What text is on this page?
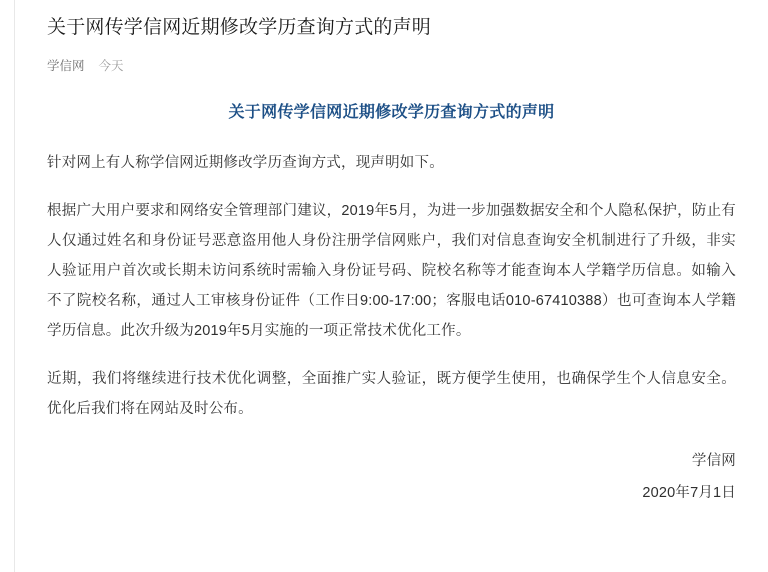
关于网传学信网近期修改学历查询方式的声明
学信网 今天
关于网传学信网近期修改学历查询方式的声明

针对网上有人称学信网近期修改学历查询方式，现声明如下。

根据广大用户要求和网络安全管理部门建议，2019年5月，为进一步加强数据安全和个人隐私保护，防止有人仅通过姓名和身份证号恶意盗用他人身份注册学信网账户，我们对信息查询安全机制进行了升级，非实人验证用户首次或长期未访问系统时需输入身份证号码、院校名称等才能查询本人学籍学历信息。如输入不了院校名称，通过人工审核身份证件（工作日9:00-17:00；客服电话010-67410388）也可查询本人学籍学历信息。此次升级为2019年5月实施的一项正常技术优化工作。

近期，我们将继续进行技术优化调整，全面推广实人验证，既方便学生使用，也确保学生个人信息安全。优化后我们将在网站及时公布。

学信网
2020年7月1日
